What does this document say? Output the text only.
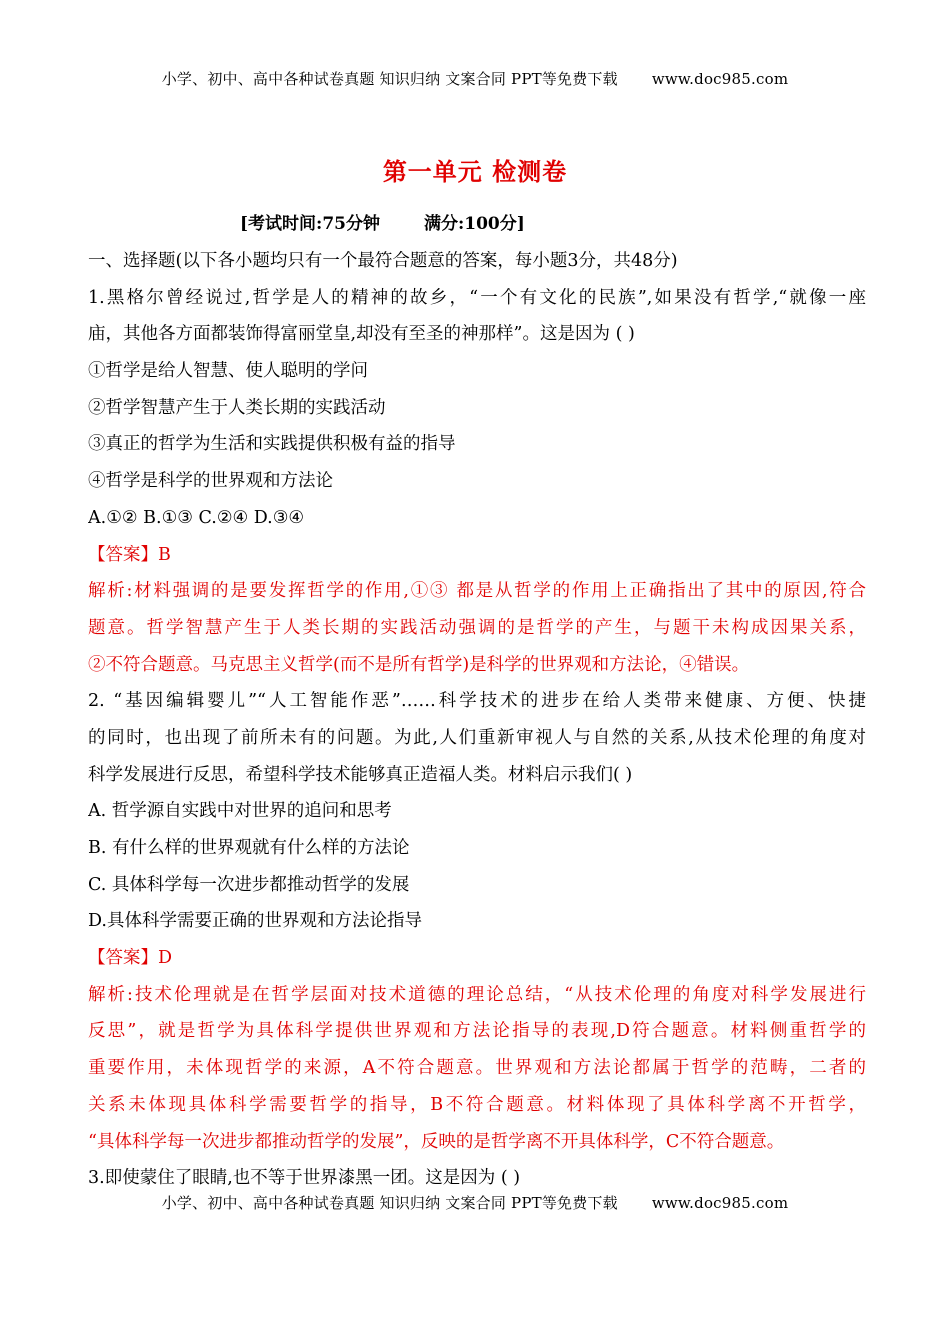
小学、初中、高中各种试卷真题 知识归纳 文案合同 PPT等免费下载 www.doc985.com
第一单元 检测卷
[考试时间:75分钟	满分:100分]
一、选择题(以下各小题均只有一个最符合题意的答案，每小题3分，共48分)
1.黑格尔曾经说过,哲学是人的精神的故乡，“一个有文化的民族”,如果没有哲学,“就像一座
庙，其他各方面都装饰得富丽堂皇,却没有至圣的神那样”。这是因为 ( )
①哲学是给人智慧、使人聪明的学问
②哲学智慧产生于人类长期的实践活动
③真正的哲学为生活和实践提供积极有益的指导
④哲学是科学的世界观和方法论
A.①② B.①③ C.②④ D.③④
【答案】B
解析:材料强调的是要发挥哲学的作用,①③ 都是从哲学的作用上正确指出了其中的原因,符合
题意。哲学智慧产生于人类长期的实践活动强调的是哲学的产生，与题干未构成因果关系，
②不符合题意。马克思主义哲学(而不是所有哲学)是科学的世界观和方法论，④错误。
2. “基因编辑婴儿”“人工智能作恶”……科学技术的进步在给人类带来健康、方便、快捷
的同时，也出现了前所未有的问题。为此,人们重新审视人与自然的关系,从技术伦理的角度对
科学发展进行反思，希望科学技术能够真正造福人类。材料启示我们( )
A. 哲学源自实践中对世界的追问和思考
B. 有什么样的世界观就有什么样的方法论
C. 具体科学每一次进步都推动哲学的发展
D.具体科学需要正确的世界观和方法论指导
【答案】D
解析:技术伦理就是在哲学层面对技术道德的理论总结，“从技术伦理的角度对科学发展进行
反思”，就是哲学为具体科学提供世界观和方法论指导的表现,D符合题意。材料侧重哲学的
重要作用，未体现哲学的来源，A不符合题意。世界观和方法论都属于哲学的范畴，二者的
关系未体现具体科学需要哲学的指导，B不符合题意。材料体现了具体科学离不开哲学，
“具体科学每一次进步都推动哲学的发展”，反映的是哲学离不开具体科学，C不符合题意。
3.即使蒙住了眼睛,也不等于世界漆黑一团。这是因为 ( )
小学、初中、高中各种试卷真题 知识归纳 文案合同 PPT等免费下载 www.doc985.com
